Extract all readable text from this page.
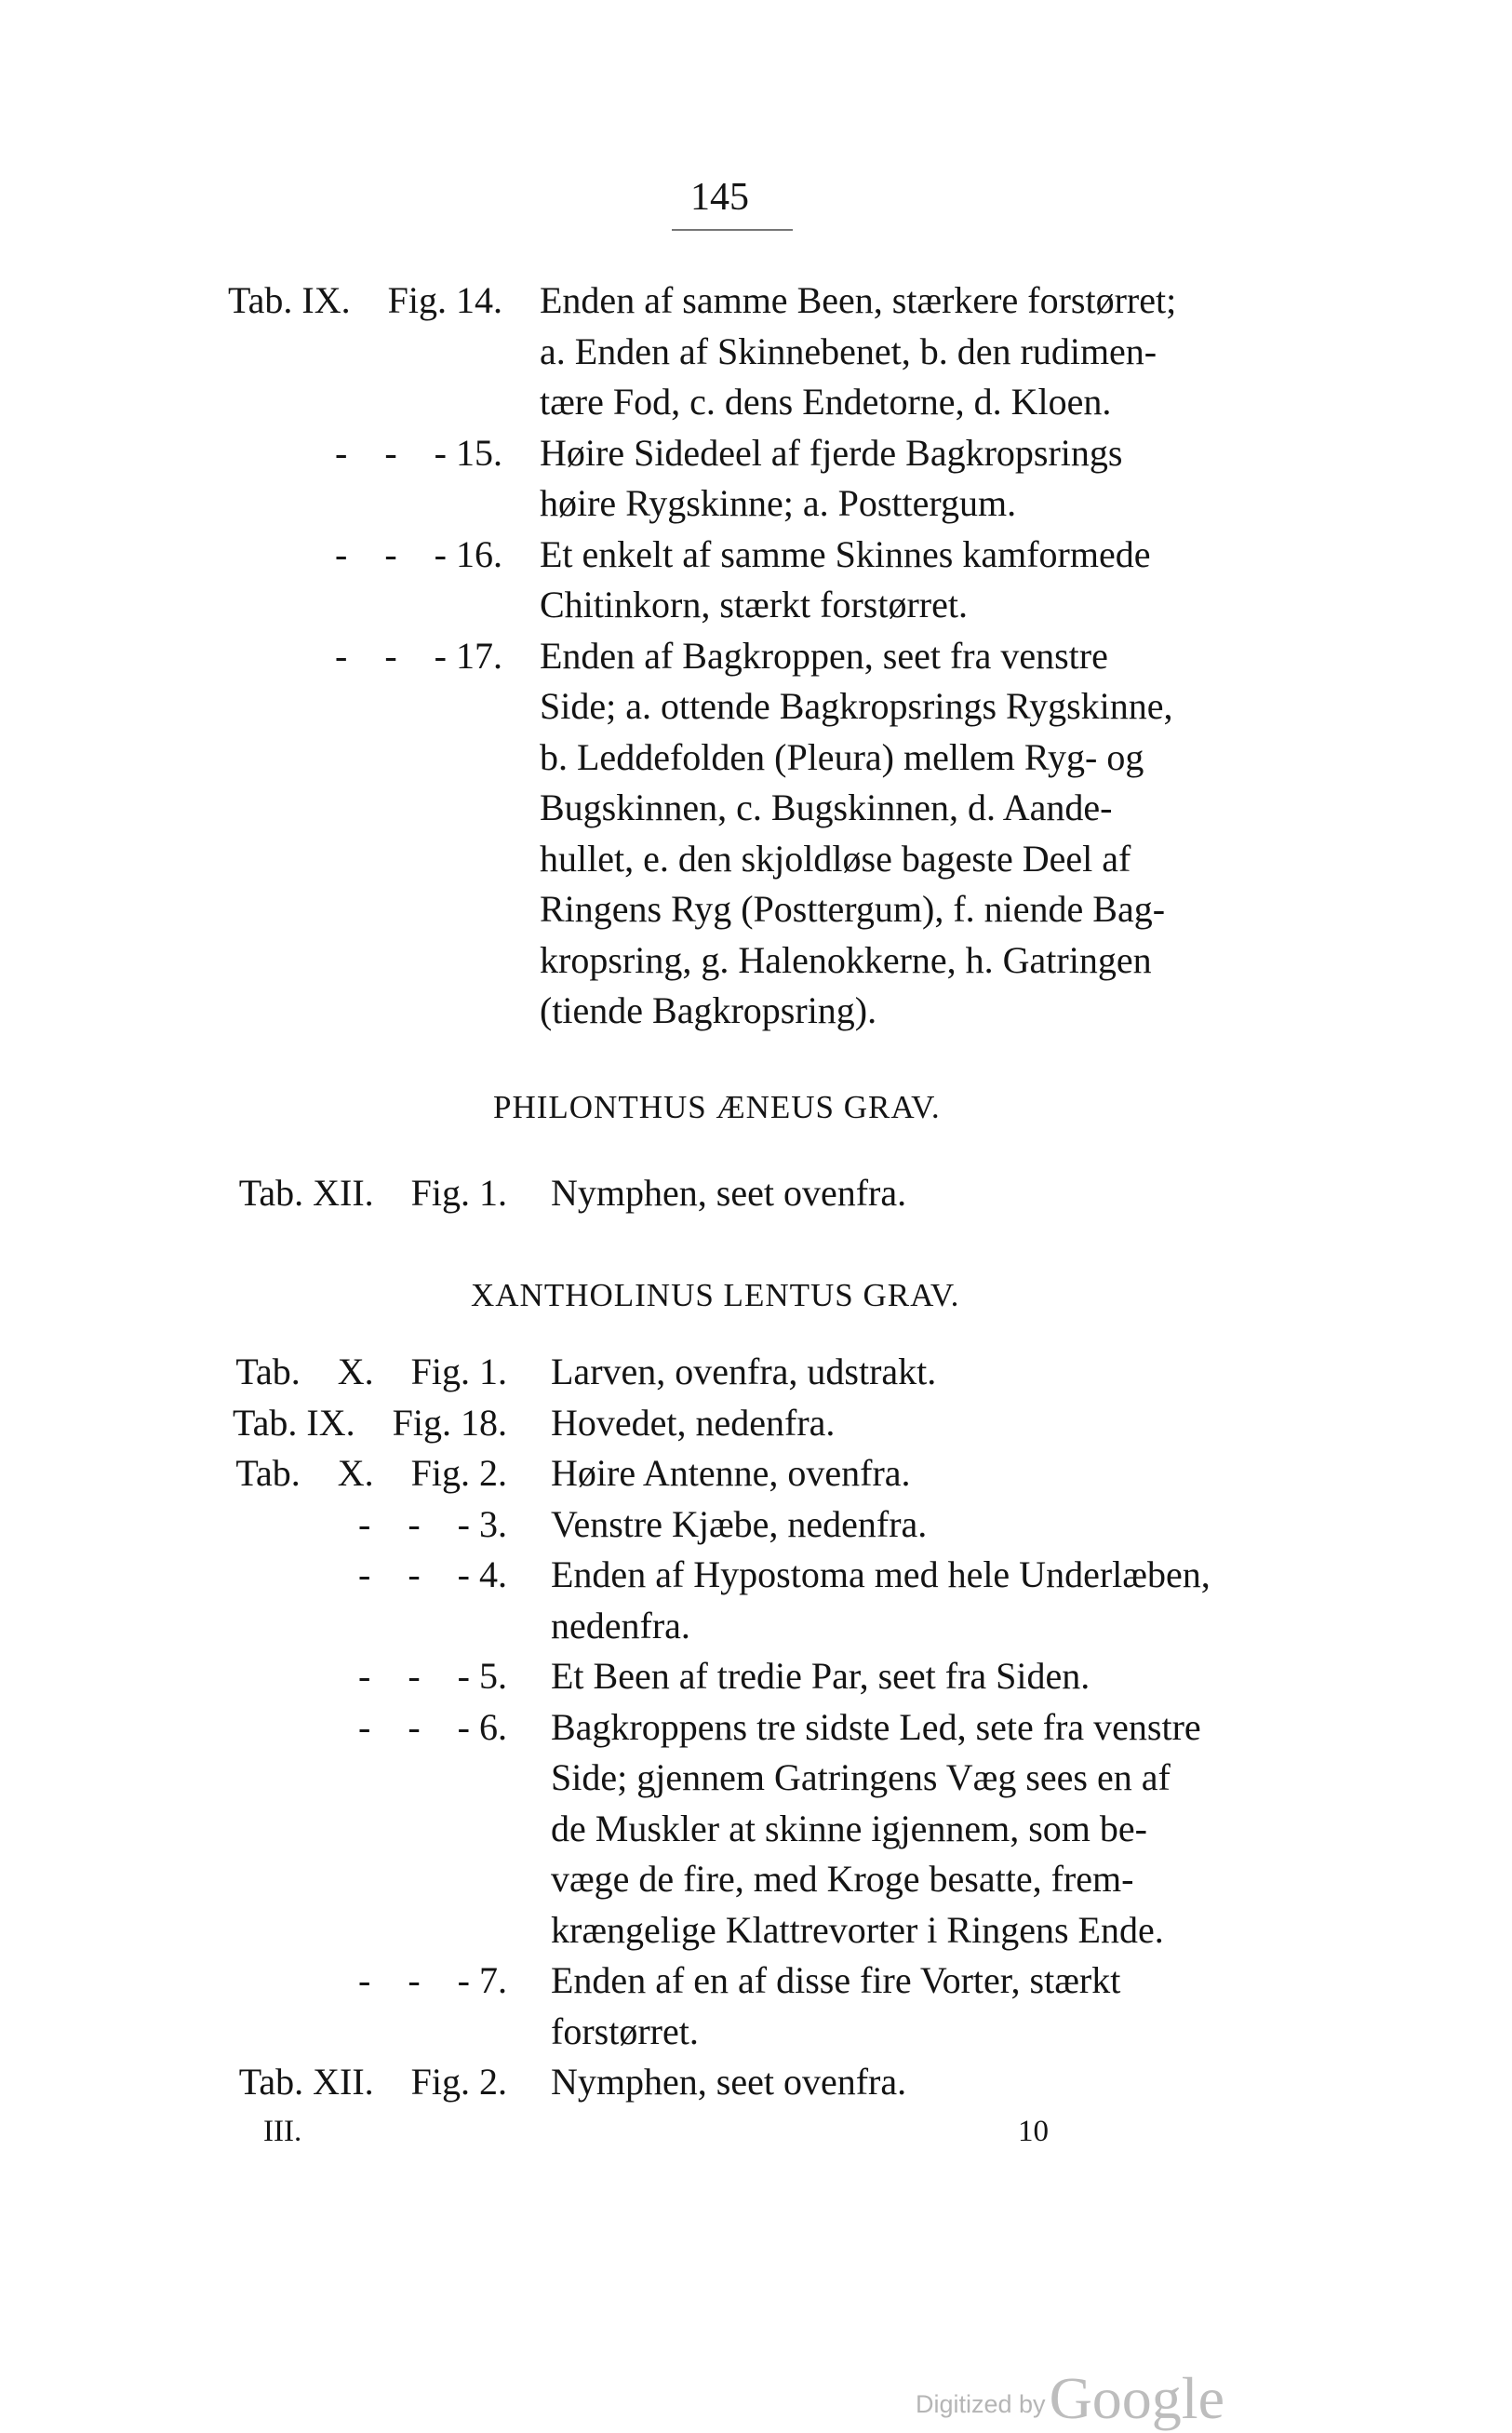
145
Tab. IX. Fig. 14. Enden af samme Been, stærkere forstørret;
a. Enden af Skinnebenet, b. den rudimen-
tære Fod, c. dens Endetorne, d. Kloen.
- - - 15. Høire Sidedeel af fjerde Bagkropsrings
høire Rygskinne; a. Posttergum.
- - - 16. Et enkelt af samme Skinnes kamformede
Chitinkorn, stærkt forstørret.
- - - 17. Enden af Bagkroppen, seet fra venstre
Side; a. ottende Bagkropsrings Rygskinne,
b. Leddefolden (Pleura) mellem Ryg- og
Bugskinnen, c. Bugskinnen, d. Aande-
hullet, e. den skjoldløse bageste Deel af
Ringens Ryg (Posttergum), f. niende Bag-
kropsring, g. Halenokkerne, h. Gatringen
(tiende Bagkropsring).
PHILONTHUS ÆNEUS GRAV.
Tab. XII. Fig. 1. Nymphen, seet ovenfra.
XANTHOLINUS LENTUS GRAV.
Tab. X. Fig. 1. Larven, ovenfra, udstrakt.
Tab. IX. Fig. 18. Hovedet, nedenfra.
Tab. X. Fig. 2. Høire Antenne, ovenfra.
- - - 3. Venstre Kjæbe, nedenfra.
- - - 4. Enden af Hypostoma med hele Underlæben,
nedenfra.
- - - 5. Et Been af tredie Par, seet fra Siden.
- - - 6. Bagkroppens tre sidste Led, sete fra venstre
Side; gjennem Gatringens Væg sees en af
de Muskler at skinne igjennem, som be-
væge de fire, med Kroge besatte, frem-
krængelige Klattrevorter i Ringens Ende.
- - - 7. Enden af en af disse fire Vorter, stærkt
forstørret.
Tab. XII. Fig. 2. Nymphen, seet ovenfra.
III.	10
Digitized byGoogle
